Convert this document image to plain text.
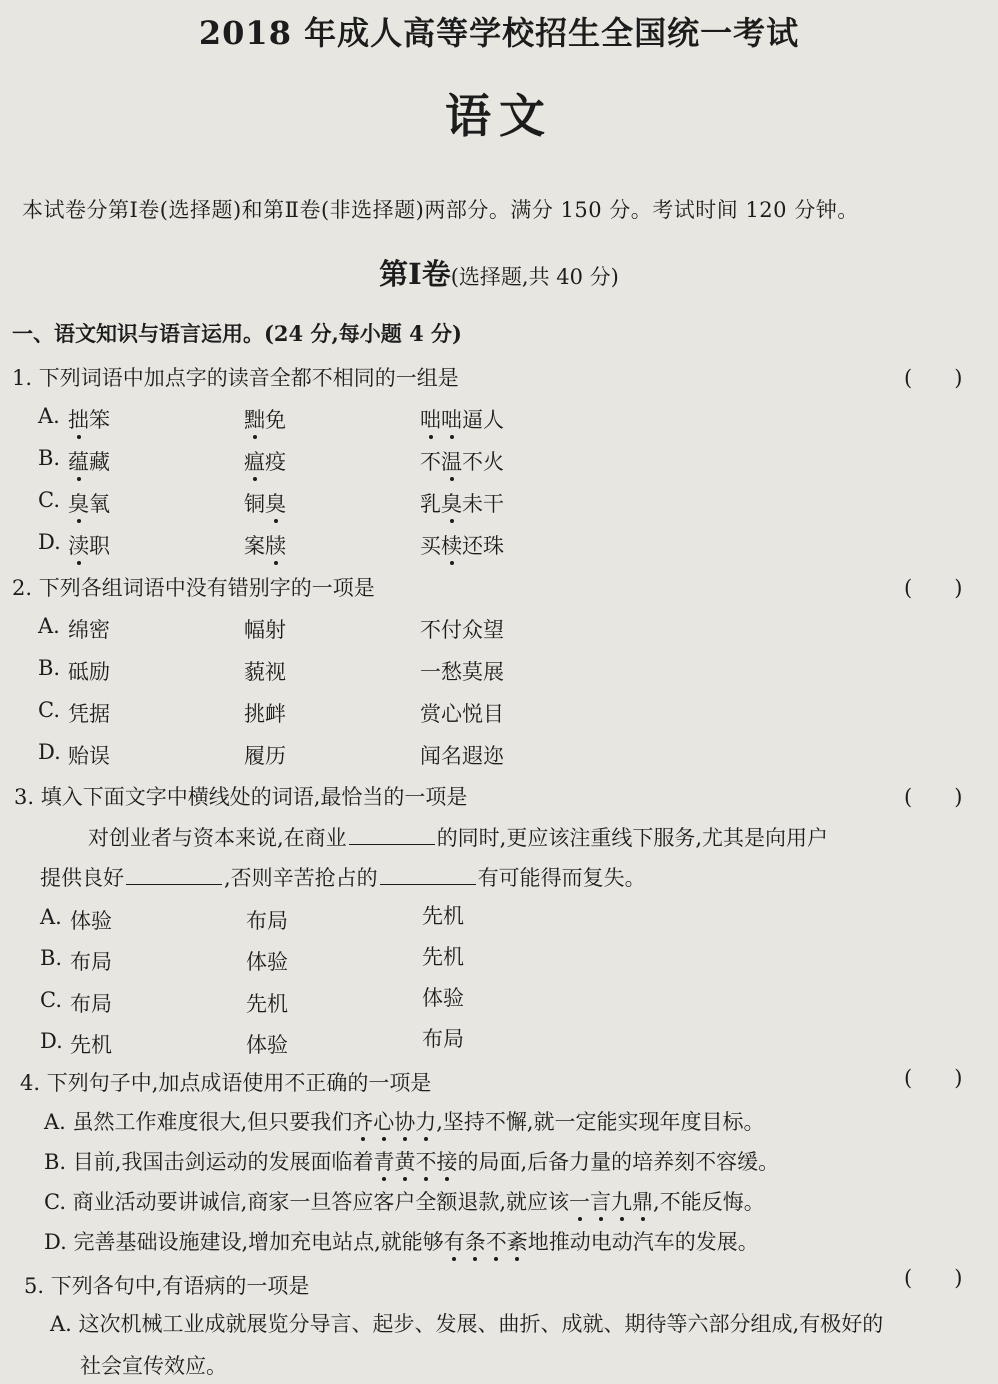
2018 年成人高等学校招生全国统一考试
语文
本试卷分第Ⅰ卷(选择题)和第Ⅱ卷(非选择题)两部分。满分 150 分。考试时间 120 分钟。
第Ⅰ卷(选择题,共 40 分)
一、语文知识与语言运用。(24 分,每小题 4 分)
1. 下列词语中加点字的读音全都不相同的一组是	(　　)
A. 拙笨	黜免	咄咄逼人
B. 蕴藏	瘟疫	不温不火
C. 臭氧	铜臭	乳臭未干
D. 渎职	案牍	买椟还珠
2. 下列各组词语中没有错别字的一项是	(　　)
A. 绵密	幅射	不付众望
B. 砥励	藐视	一愁莫展
C. 凭据	挑衅	赏心悦目
D. 贻误	履历	闻名遐迩
3. 填入下面文字中横线处的词语,最恰当的一项是	(　　)
对创业者与资本来说,在商业	的同时,更应该注重线下服务,尤其是向用户
提供良好	,否则辛苦抢占的	有可能得而复失。
A. 体验	布局	先机
B. 布局	体验	先机
C. 布局	先机	体验
D. 先机	体验	布局
4. 下列句子中,加点成语使用不正确的一项是	(　　)
A. 虽然工作难度很大,但只要我们齐心协力,坚持不懈,就一定能实现年度目标。
B. 目前,我国击剑运动的发展面临着青黄不接的局面,后备力量的培养刻不容缓。
C. 商业活动要讲诚信,商家一旦答应客户全额退款,就应该一言九鼎,不能反悔。
D. 完善基础设施建设,增加充电站点,就能够有条不紊地推动电动汽车的发展。
5. 下列各句中,有语病的一项是	(　　)
A. 这次机械工业成就展览分导言、起步、发展、曲折、成就、期待等六部分组成,有极好的
社会宣传效应。
